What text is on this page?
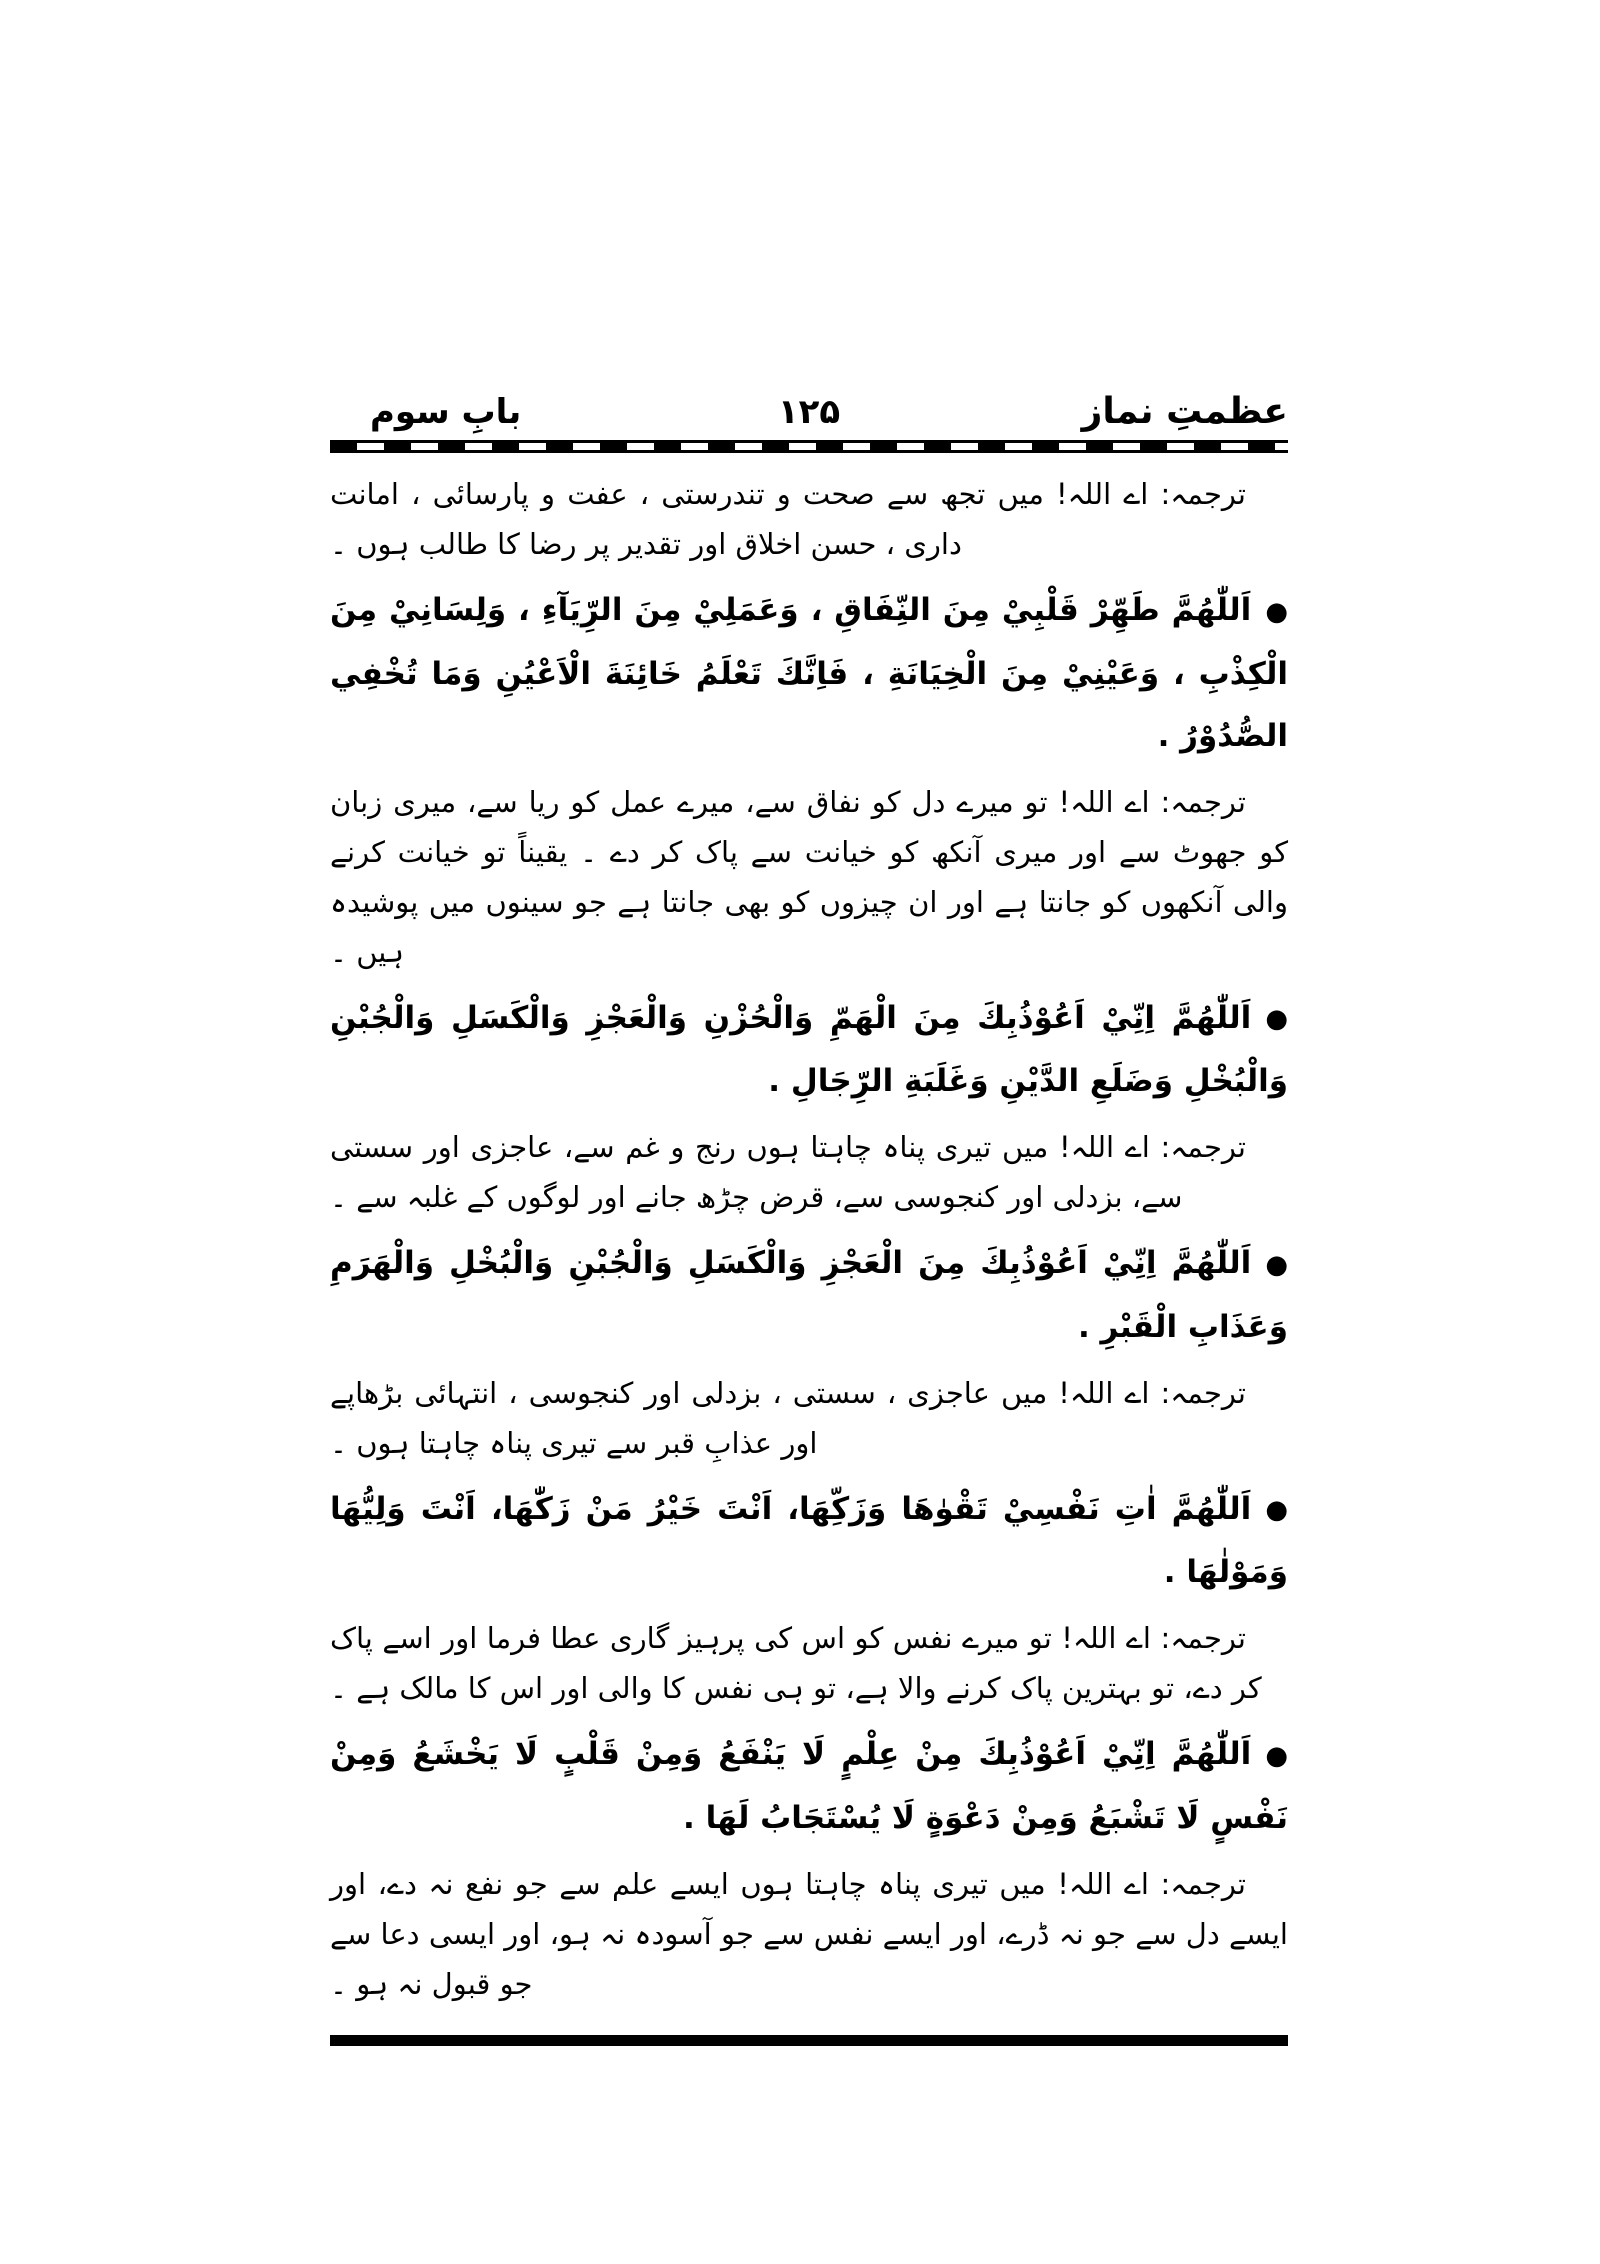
بابِ سوم	۱۲۵	عظمتِ نماز

ترجمہ: اے اللہ! میں تجھ سے صحت و تندرستی ، عفت و پارسائی ، امانت داری ، حسن اخلاق اور تقدیر پر رضا کا طالب ہوں ۔

●اَللّٰهُمَّ طَهِّرْ قَلْبِيْ مِنَ النِّفَاقِ ، وَعَمَلِيْ مِنَ الرِّيَآءِ ، وَلِسَانِيْ مِنَ الْكِذْبِ ، وَعَيْنِيْ مِنَ الْخِيَانَةِ ، فَاِنَّكَ تَعْلَمُ خَائِنَةَ الْاَعْيُنِ وَمَا تُخْفِي الصُّدُوْرُ .

ترجمہ: اے اللہ! تو میرے دل کو نفاق سے، میرے عمل کو ریا سے، میری زبان کو جھوٹ سے اور میری آنکھ کو خیانت سے پاک کر دے ۔ یقیناً تو خیانت کرنے والی آنکھوں کو جانتا ہے اور ان چیزوں کو بھی جانتا ہے جو سینوں میں پوشیدہ ہیں ۔

●اَللّٰهُمَّ اِنِّيْ اَعُوْذُبِكَ مِنَ الْهَمِّ وَالْحُزْنِ وَالْعَجْزِ وَالْكَسَلِ وَالْجُبْنِ وَالْبُخْلِ وَضَلَعِ الدَّيْنِ وَغَلَبَةِ الرِّجَالِ .

ترجمہ: اے اللہ! میں تیری پناہ چاہتا ہوں رنج و غم سے، عاجزی اور سستی سے، بزدلی اور کنجوسی سے، قرض چڑھ جانے اور لوگوں کے غلبہ سے ۔

●اَللّٰهُمَّ اِنِّيْ اَعُوْذُبِكَ مِنَ الْعَجْزِ وَالْكَسَلِ وَالْجُبْنِ وَالْبُخْلِ وَالْهَرَمِ وَعَذَابِ الْقَبْرِ .

ترجمہ: اے اللہ! میں عاجزی ، سستی ، بزدلی اور کنجوسی ، انتہائی بڑھاپے اور عذابِ قبر سے تیری پناہ چاہتا ہوں ۔

●اَللّٰهُمَّ اٰتِ نَفْسِيْ تَقْوٰهَا وَزَكِّهَا، اَنْتَ خَيْرُ مَنْ زَكّٰهَا، اَنْتَ وَلِيُّهَا وَمَوْلٰهَا .

ترجمہ: اے اللہ! تو میرے نفس کو اس کی پرہیز گاری عطا فرما اور اسے پاک کر دے، تو بہترین پاک کرنے والا ہے، تو ہی نفس کا والی اور اس کا مالک ہے ۔

●اَللّٰهُمَّ اِنِّيْ اَعُوْذُبِكَ مِنْ عِلْمٍ لَا يَنْفَعُ وَمِنْ قَلْبٍ لَا يَخْشَعُ وَمِنْ نَفْسٍ لَا تَشْبَعُ وَمِنْ دَعْوَةٍ لَا يُسْتَجَابُ لَهَا .

ترجمہ: اے اللہ! میں تیری پناہ چاہتا ہوں ایسے علم سے جو نفع نہ دے، اور ایسے دل سے جو نہ ڈرے، اور ایسے نفس سے جو آسودہ نہ ہو، اور ایسی دعا سے جو قبول نہ ہو ۔
